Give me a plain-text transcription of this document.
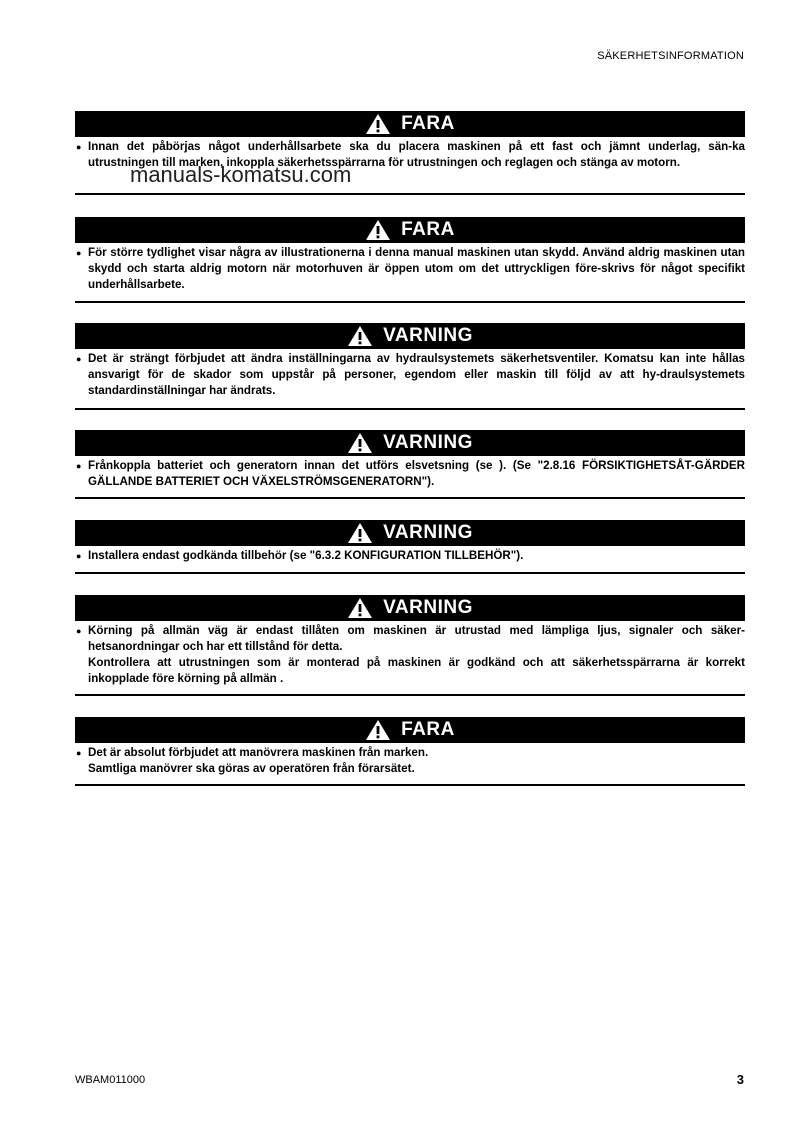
SÄKERHETSINFORMATION
FARA
● Innan det påbörjas något underhållsarbete ska du placera maskinen på ett fast och jämnt underlag, sän-ka utrustningen till marken, inkoppla säkerhetsspärrarna för utrustningen och reglagen och stänga av motorn.

FARA
● För större tydlighet visar några av illustrationerna i denna manual maskinen utan skydd. Använd aldrig maskinen utan skydd och starta aldrig motorn när motorhuven är öppen utom om det uttryckligen före-skrivs för något specifikt underhållsarbete.

VARNING
● Det är strängt förbjudet att ändra inställningarna av hydraulsystemets säkerhetsventiler. Komatsu kan inte hållas ansvarigt för de skador som uppstår på personer, egendom eller maskin till följd av att hy-draulsystemets standardinställningar har ändrats.

VARNING
● Frånkoppla batteriet och generatorn innan det utförs elsvetsning (se ). (Se "2.8.16 FÖRSIKTIGHETSÅT-GÄRDER GÄLLANDE BATTERIET OCH VÄXELSTRÖMSGENERATORN").

VARNING
● Installera endast godkända tillbehör (se "6.3.2 KONFIGURATION TILLBEHÖR").

VARNING
● Körning på allmän väg är endast tillåten om maskinen är utrustad med lämpliga ljus, signaler och säker-hetsanordningar och har ett tillstånd för detta.

Kontrollera att utrustningen som är monterad på maskinen är godkänd och att säkerhetsspärrarna är korrekt inkopplade före körning på allmän .

FARA
● Det är absolut förbjudet att manövrera maskinen från marken.

Samtliga manövrer ska göras av operatören från förarsätet.

manuals-komatsu.com
WBAM011000	3
